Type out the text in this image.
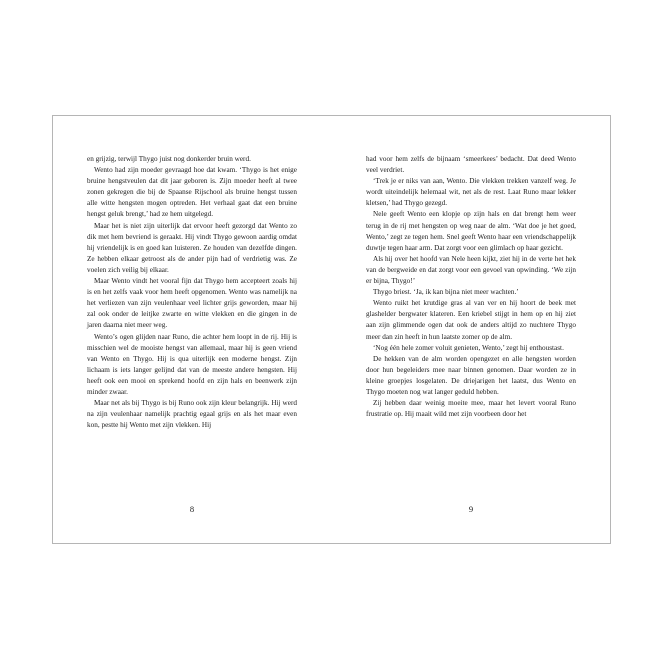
en grijzig, terwijl Thygo juist nog donkerder bruin werd.

Wento had zijn moeder gevraagd hoe dat kwam. ‘Thygo is het enige bruine hengstveulen dat dit jaar geboren is. Zijn moeder heeft al twee zonen gekregen die bij de Spaanse Rijschool als bruine hengst tussen alle witte hengsten mogen optreden. Het verhaal gaat dat een bruine hengst geluk brengt,’ had ze hem uitgelegd.

Maar het is niet zijn uiterlijk dat ervoor heeft gezorgd dat Wento zo dik met hem bevriend is geraakt. Hij vindt Thygo gewoon aardig omdat hij vriendelijk is en goed kan luisteren. Ze houden van dezelfde dingen. Ze hebben elkaar getroost als de ander pijn had of verdrietig was. Ze voelen zich veilig bij elkaar.

Maar Wento vindt het vooral fijn dat Thygo hem accepteert zoals hij is en het zelfs vaak voor hem heeft opgenomen. Wento was namelijk na het verliezen van zijn veulenhaar veel lichter grijs geworden, maar hij zal ook onder de leitjke zwarte en witte vlekken en die gingen in de jaren daarna niet meer weg.

Wento’s ogen glijden naar Runo, die achter hem loopt in de rij. Hij is misschien wel de mooiste hengst van allemaal, maar hij is geen vriend van Wento en Thygo. Hij is qua uiterlijk een moderne hengst. Zijn lichaam is iets langer gelijnd dat van de meeste andere hengsten. Hij heeft ook een mooi en sprekend hoofd en zijn hals en beenwerk zijn minder zwaar.

Maar net als bij Thygo is bij Runo ook zijn kleur belangrijk. Hij werd na zijn veulenhaar namelijk prachtig egaal grijs en als het maar even kon, pestte hij Wento met zijn vlekken. Hij

8

had voor hem zelfs de bijnaam ‘smeerkees’ bedacht. Dat deed Wento veel verdriet.

‘Trek je er niks van aan, Wento. Die vlekken trekken vanzelf weg. Je wordt uiteindelijk helemaal wit, net als de rest. Laat Runo maar lekker kletsen,’ had Thygo gezegd.

Nele geeft Wento een klopje op zijn hals en dat brengt hem weer terug in de rij met hengsten op weg naar de alm. ‘Wat doe je het goed, Wento,’ zegt ze tegen hem. Snel geeft Wento haar een vriendschappelijk duwtje tegen haar arm. Dat zorgt voor een glimlach op haar gezicht.

Als hij over het hoofd van Nele heen kijkt, ziet hij in de verte het hek van de bergweide en dat zorgt voor een gevoel van opwinding. ‘We zijn er bijna, Thygo!’

Thygo briest. ‘Ja, ik kan bijna niet meer wachten.’

Wento ruikt het krutdige gras al van ver en hij hoort de beek met glashelder bergwater klateren. Een kriebel stijgt in hem op en hij ziet aan zijn glimmende ogen dat ook de anders altijd zo nuchtere Thygo meer dan zin heeft in hun laatste zomer op de alm.

‘Nog één hele zomer voluit genieten, Wento,’ zegt hij enthoustast.

De hekken van de alm worden opengezet en alle hengsten worden door hun begeleiders mee naar binnen genomen. Daar worden ze in kleine groepjes losgelaten. De driejarigen het laatst, dus Wento en Thygo moeten nog wat langer geduld hebben.

Zij hebben daar weinig moeite mee, maar het levert vooral Runo frustratie op. Hij maait wild met zijn voorbeen door het

9
